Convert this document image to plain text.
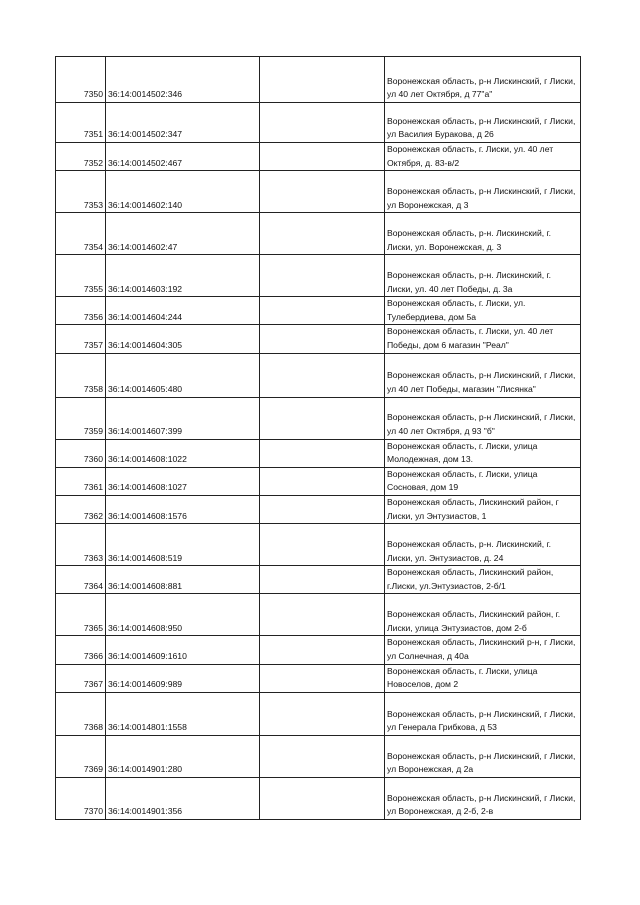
7350	36:14:0014502:346		Воронежская область, р-н Лискинский, г Лиски, ул 40 лет Октября, д 77"а"
7351	36:14:0014502:347		Воронежская область, р-н Лискинский, г Лиски, ул Василия Буракова, д 26
7352	36:14:0014502:467		Воронежская область, г. Лиски, ул. 40 лет Октября, д. 83-в/2
7353	36:14:0014602:140		Воронежская область, р-н Лискинский, г Лиски, ул Воронежская, д 3
7354	36:14:0014602:47		Воронежская область, р-н. Лискинский, г. Лиски, ул. Воронежская, д. 3
7355	36:14:0014603:192		Воронежская область, р-н. Лискинский, г. Лиски, ул. 40 лет Победы, д. 3а
7356	36:14:0014604:244		Воронежская область, г. Лиски, ул. Тулебердиева, дом 5а
7357	36:14:0014604:305		Воронежская область, г. Лиски, ул. 40 лет Победы, дом 6 магазин "Реал"
7358	36:14:0014605:480		Воронежская область, р-н Лискинский, г Лиски, ул 40 лет Победы, магазин "Лисянка"
7359	36:14:0014607:399		Воронежская область, р-н Лискинский, г Лиски, ул 40 лет Октября, д 93 "б"
7360	36:14:0014608:1022		Воронежская область, г. Лиски, улица Молодежная, дом 13.
7361	36:14:0014608:1027		Воронежская область, г. Лиски, улица Сосновая, дом 19
7362	36:14:0014608:1576		Воронежская область, Лискинский район, г Лиски, ул Энтузиастов, 1
7363	36:14:0014608:519		Воронежская область, р-н. Лискинский, г. Лиски, ул. Энтузиастов, д. 24
7364	36:14:0014608:881		Воронежская область, Лискинский район, г.Лиски, ул.Энтузиастов, 2-б/1
7365	36:14:0014608:950		Воронежская область, Лискинский район, г. Лиски, улица Энтузиастов, дом 2-б
7366	36:14:0014609:1610		Воронежская область, Лискинский р-н, г Лиски, ул Солнечная, д 40а
7367	36:14:0014609:989		Воронежская область, г. Лиски, улица Новоселов, дом 2
7368	36:14:0014801:1558		Воронежская область, р-н Лискинский, г Лиски, ул Генерала Грибкова, д 53
7369	36:14:0014901:280		Воронежская область, р-н Лискинский, г Лиски, ул Воронежская, д 2а
7370	36:14:0014901:356		Воронежская область, р-н Лискинский, г Лиски, ул Воронежская, д 2-б, 2-в
